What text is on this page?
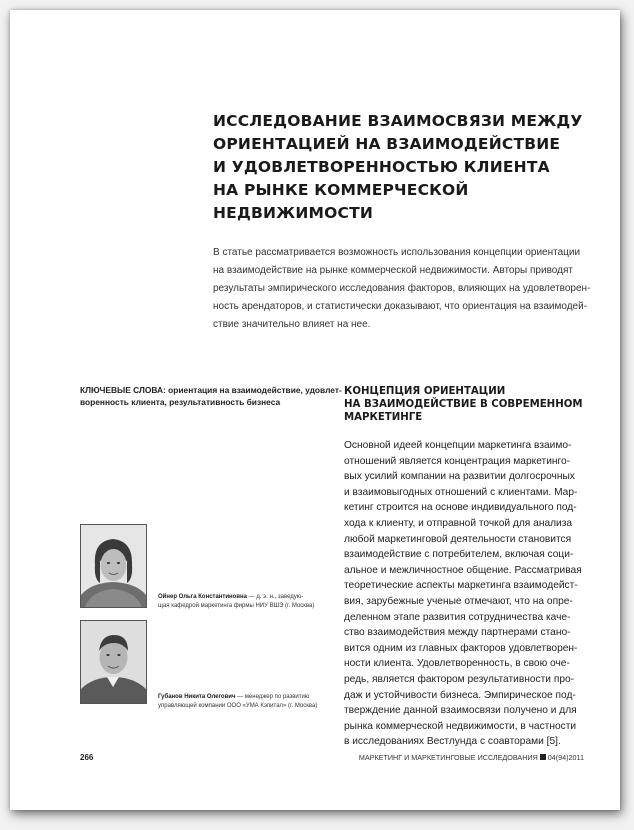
ИССЛЕДОВАНИЕ ВЗАИМОСВЯЗИ МЕЖДУ
ОРИЕНТАЦИЕЙ НА ВЗАИМОДЕЙСТВИЕ
И УДОВЛЕТВОРЕННОСТЬЮ КЛИЕНТА
НА РЫНКЕ КОММЕРЧЕСКОЙ
НЕДВИЖИМОСТИ
В статье рассматривается возможность использования концепции ориентации
на взаимодействие на рынке коммерческой недвижимости. Авторы приводят
результаты эмпирического исследования факторов, влияющих на удовлетворен-
ность арендаторов, и статистически доказывают, что ориентация на взаимодей-
ствие значительно влияет на нее.
КЛЮЧЕВЫЕ СЛОВА: ориентация на взаимодействие, удовлет-
воренность клиента, результативность бизнеса
КОНЦЕПЦИЯ ОРИЕНТАЦИИ
НА ВЗАИМОДЕЙСТВИЕ В СОВРЕМЕННОМ
МАРКЕТИНГЕ
Основной идеей концепции маркетинга взаимо-
отношений является концентрация маркетинго-
вых усилий компании на развитии долгосрочных
и взаимовыгодных отношений с клиентами. Мар-
кетинг строится на основе индивидуального под-
хода к клиенту, и отправной точкой для анализа
любой маркетинговой деятельности становится
взаимодействие с потребителем, включая соци-
альное и межличностное общение. Рассматривая
теоретические аспекты маркетинга взаимодейст-
вия, зарубежные ученые отмечают, что на опре-
деленном этапе развития сотрудничества каче-
ство взаимодействия между партнерами стано-
вится одним из главных факторов удовлетворен-
ности клиента. Удовлетворенность, в свою оче-
редь, является фактором результативности про-
даж и устойчивости бизнеса. Эмпирическое под-
тверждение данной взаимосвязи получено и для
рынка коммерческой недвижимости, в частности
в исследованиях Вестлунда с соавторами [5].
Ойнер Ольга Константиновна — д. э. н., заведую-
щая кафедрой маркетинга фирмы НИУ ВШЭ (г. Москва)
Губанов Никита Олегович — менеджер по развитию
управляющей компании ООО «УМА Кэпитал» (г. Москва)
266	МАРКЕТИНГ И МАРКЕТИНГОВЫЕ ИССЛЕДОВАНИЯ 04(94)2011
